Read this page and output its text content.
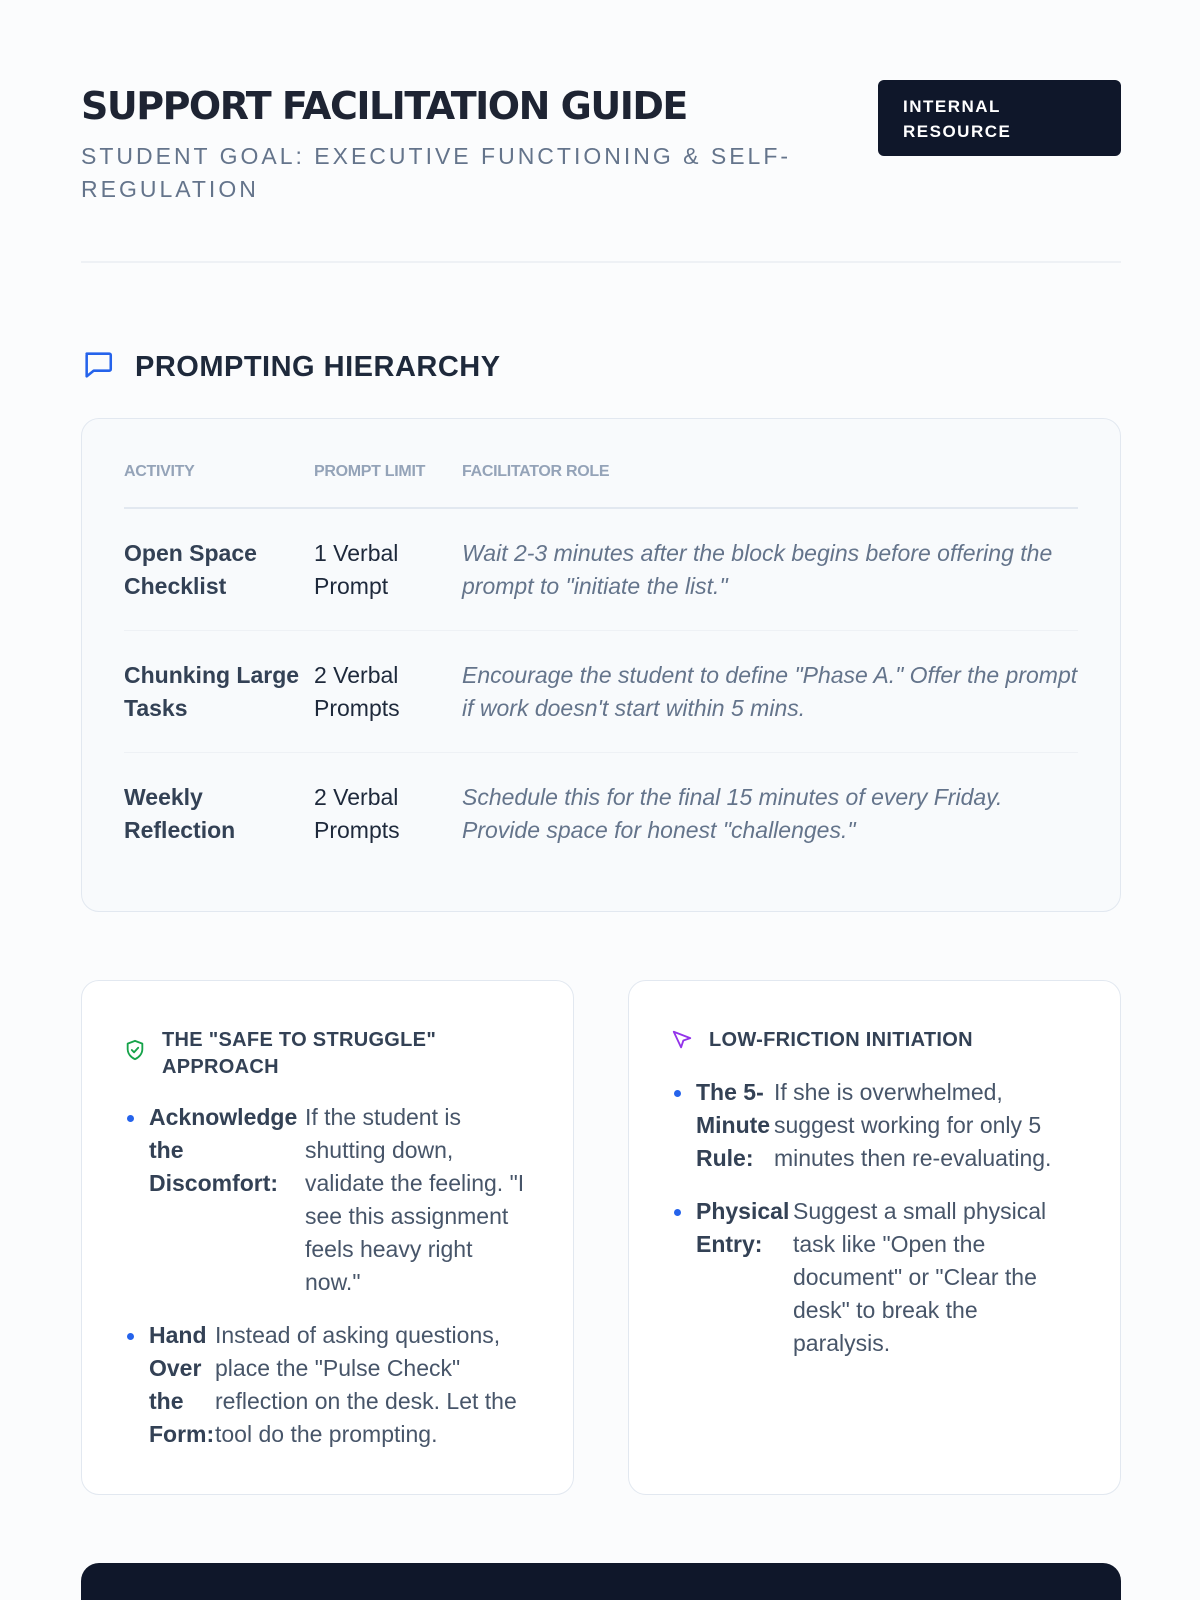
SUPPORT FACILITATION GUIDE
STUDENT GOAL: EXECUTIVE FUNCTIONING & SELF-REGULATION
INTERNAL RESOURCE
PROMPTING HIERARCHY
ACTIVITY	PROMPT LIMIT	FACILITATOR ROLE
Open Space Checklist
1 Verbal Prompt
Wait 2-3 minutes after the block begins before offering the prompt to "initiate the list."
Chunking Large Tasks
2 Verbal Prompts
Encourage the student to define "Phase A." Offer the prompt if work doesn't start within 5 mins.
Weekly Reflection
2 Verbal Prompts
Schedule this for the final 15 minutes of every Friday. Provide space for honest "challenges."
THE "SAFE TO STRUGGLE" APPROACH
Acknowledge the Discomfort:
If the student is shutting down, validate the feeling. "I see this assignment feels heavy right now."
Hand Over the Form:
Instead of asking questions, place the "Pulse Check" reflection on the desk. Let the tool do the prompting.
LOW-FRICTION INITIATION
The 5-Minute Rule:
If she is overwhelmed, suggest working for only 5 minutes then re-evaluating.
Physical Entry:
Suggest a small physical task like "Open the document" or "Clear the desk" to break the paralysis.
